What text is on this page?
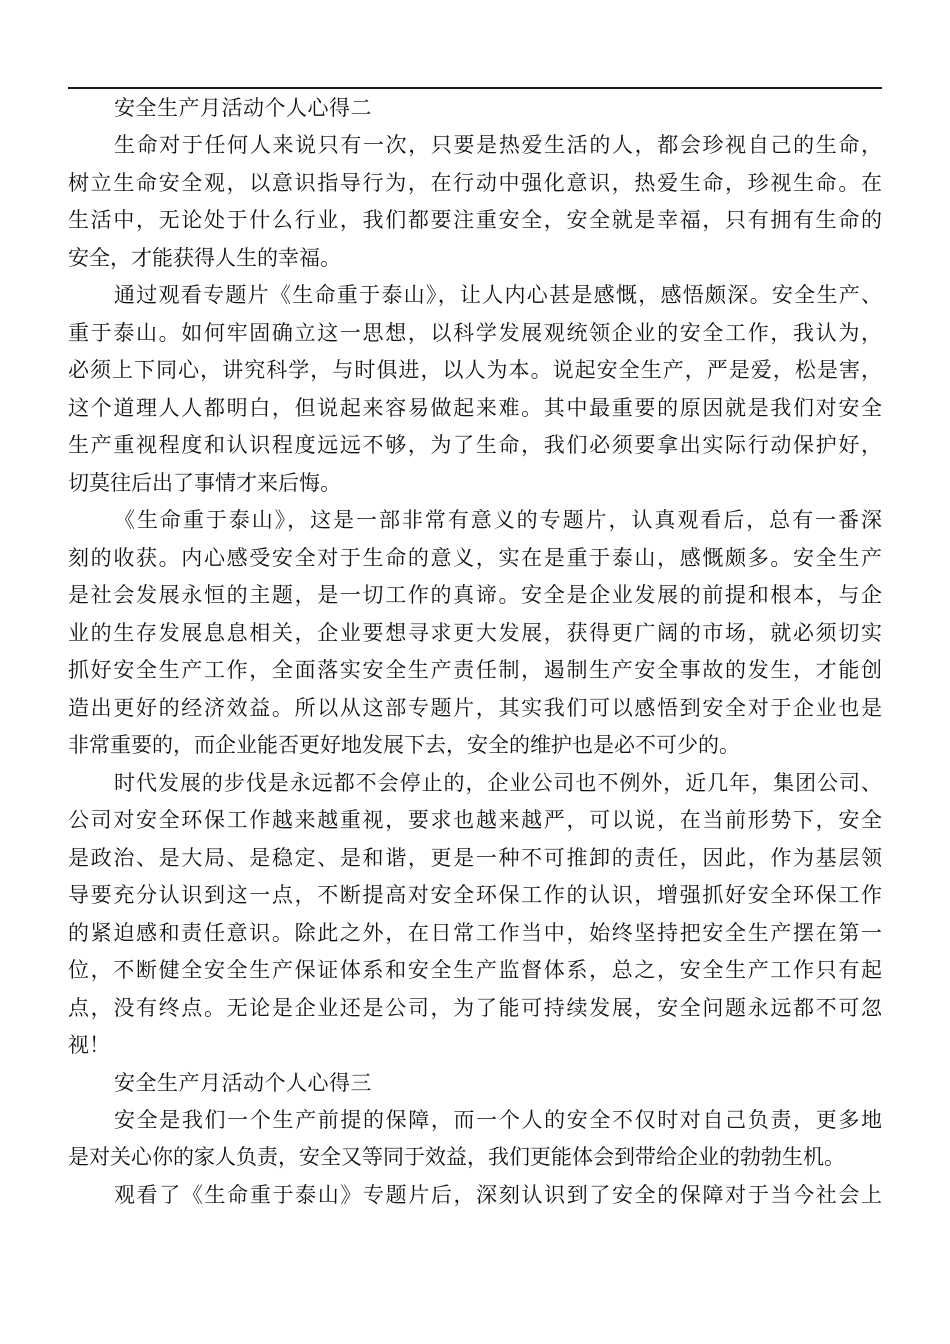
安全生产月活动个人心得二
生命对于任何人来说只有一次，只要是热爱生活的人，都会珍视自己的生命，
树立生命安全观，以意识指导行为，在行动中强化意识，热爱生命，珍视生命。在
生活中，无论处于什么行业，我们都要注重安全，安全就是幸福，只有拥有生命的
安全，才能获得人生的幸福。
通过观看专题片《生命重于泰山》，让人内心甚是感慨，感悟颇深。安全生产、
重于泰山。如何牢固确立这一思想，以科学发展观统领企业的安全工作，我认为，
必须上下同心，讲究科学，与时俱进，以人为本。说起安全生产，严是爱，松是害，
这个道理人人都明白，但说起来容易做起来难。其中最重要的原因就是我们对安全
生产重视程度和认识程度远远不够，为了生命，我们必须要拿出实际行动保护好，
切莫往后出了事情才来后悔。
《生命重于泰山》，这是一部非常有意义的专题片，认真观看后，总有一番深
刻的收获。内心感受安全对于生命的意义，实在是重于泰山，感慨颇多。安全生产
是社会发展永恒的主题，是一切工作的真谛。安全是企业发展的前提和根本，与企
业的生存发展息息相关，企业要想寻求更大发展，获得更广阔的市场，就必须切实
抓好安全生产工作，全面落实安全生产责任制，遏制生产安全事故的发生，才能创
造出更好的经济效益。所以从这部专题片，其实我们可以感悟到安全对于企业也是
非常重要的，而企业能否更好地发展下去，安全的维护也是必不可少的。
时代发展的步伐是永远都不会停止的，企业公司也不例外，近几年，集团公司、
公司对安全环保工作越来越重视，要求也越来越严，可以说，在当前形势下，安全
是政治、是大局、是稳定、是和谐，更是一种不可推卸的责任，因此，作为基层领
导要充分认识到这一点，不断提高对安全环保工作的认识，增强抓好安全环保工作
的紧迫感和责任意识。除此之外，在日常工作当中，始终坚持把安全生产摆在第一
位，不断健全安全生产保证体系和安全生产监督体系，总之，安全生产工作只有起
点，没有终点。无论是企业还是公司，为了能可持续发展，安全问题永远都不可忽
视！
安全生产月活动个人心得三
安全是我们一个生产前提的保障，而一个人的安全不仅时对自己负责，更多地
是对关心你的家人负责，安全又等同于效益，我们更能体会到带给企业的勃勃生机。
观看了《生命重于泰山》专题片后，深刻认识到了安全的保障对于当今社会上
